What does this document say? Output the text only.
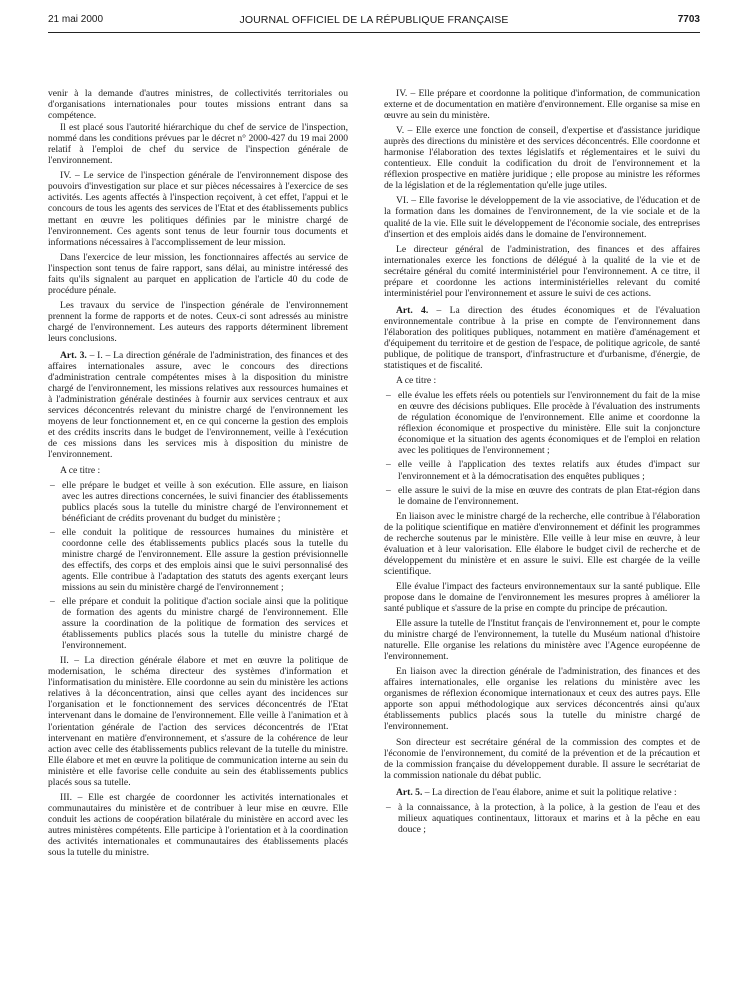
21 mai 2000	JOURNAL OFFICIEL DE LA RÉPUBLIQUE FRANÇAISE	7703

venir à la demande d'autres ministres, de collectivités territoriales ou d'organisations internationales pour toutes missions entrant dans sa compétence.

Il est placé sous l'autorité hiérarchique du chef de service de l'inspection, nommé dans les conditions prévues par le décret n° 2000-427 du 19 mai 2000 relatif à l'emploi de chef du service de l'inspection générale de l'environnement.

IV. – Le service de l'inspection générale de l'environnement dispose des pouvoirs d'investigation sur place et sur pièces nécessaires à l'exercice de ses activités. Les agents affectés à l'inspection reçoivent, à cet effet, l'appui et le concours de tous les agents des services de l'Etat et des établissements publics mettant en œuvre les politiques définies par le ministre chargé de l'environnement. Ces agents sont tenus de leur fournir tous documents et informations nécessaires à l'accomplissement de leur mission.

Dans l'exercice de leur mission, les fonctionnaires affectés au service de l'inspection sont tenus de faire rapport, sans délai, au ministre intéressé des faits qu'ils signalent au parquet en application de l'article 40 du code de procédure pénale.

Les travaux du service de l'inspection générale de l'environnement prennent la forme de rapports et de notes. Ceux-ci sont adressés au ministre chargé de l'environnement. Les auteurs des rapports déterminent librement leurs conclusions.

Art. 3. – I. – La direction générale de l'administration, des finances et des affaires internationales assure, avec le concours des directions d'administration centrale compétentes mises à la disposition du ministre chargé de l'environnement, les missions relatives aux ressources humaines et à l'administration générale destinées à fournir aux services centraux et aux services déconcentrés relevant du ministre chargé de l'environnement les moyens de leur fonctionnement et, en ce qui concerne la gestion des emplois et des crédits inscrits dans le budget de l'environnement, veille à l'exécution de ces missions dans les services mis à disposition du ministre de l'environnement.

A ce titre :

– elle prépare le budget et veille à son exécution. Elle assure, en liaison avec les autres directions concernées, le suivi financier des établissements publics placés sous la tutelle du ministre chargé de l'environnement et bénéficiant de crédits provenant du budget du ministère ;
– elle conduit la politique de ressources humaines du ministère et coordonne celle des établissements publics placés sous la tutelle du ministre chargé de l'environnement. Elle assure la gestion prévisionnelle des effectifs, des corps et des emplois ainsi que le suivi personnalisé des agents. Elle contribue à l'adaptation des statuts des agents exerçant leurs missions au sein du ministère chargé de l'environnement ;
– elle prépare et conduit la politique d'action sociale ainsi que la politique de formation des agents du ministre chargé de l'environnement. Elle assure la coordination de la politique de formation des services et établissements publics placés sous la tutelle du ministre chargé de l'environnement.

II. – La direction générale élabore et met en œuvre la politique de modernisation, le schéma directeur des systèmes d'information et l'informatisation du ministère. Elle coordonne au sein du ministère les actions relatives à la déconcentration, ainsi que celles ayant des incidences sur l'organisation et le fonctionnement des services déconcentrés de l'Etat intervenant dans le domaine de l'environnement. Elle veille à l'animation et à l'orientation générale de l'action des services déconcentrés de l'Etat intervenant en matière d'environnement, et s'assure de la cohérence de leur action avec celle des établissements publics relevant de la tutelle du ministre. Elle élabore et met en œuvre la politique de communication interne au sein du ministère et elle favorise celle conduite au sein des établissements publics placés sous sa tutelle.

III. – Elle est chargée de coordonner les activités internationales et communautaires du ministère et de contribuer à leur mise en œuvre. Elle conduit les actions de coopération bilatérale du ministère en accord avec les autres ministères compétents. Elle participe à l'orientation et à la coordination des activités internationales et communautaires des établissements placés sous la tutelle du ministre.

IV. – Elle prépare et coordonne la politique d'information, de communication externe et de documentation en matière d'environnement. Elle organise sa mise en œuvre au sein du ministère.

V. – Elle exerce une fonction de conseil, d'expertise et d'assistance juridique auprès des directions du ministère et des services déconcentrés. Elle coordonne et harmonise l'élaboration des textes législatifs et réglementaires et le suivi du contentieux. Elle conduit la codification du droit de l'environnement et la réflexion prospective en matière juridique ; elle propose au ministre les réformes de la législation et de la réglementation qu'elle juge utiles.

VI. – Elle favorise le développement de la vie associative, de l'éducation et de la formation dans les domaines de l'environnement, de la vie sociale et de la qualité de la vie. Elle suit le développement de l'économie sociale, des entreprises d'insertion et des emplois aidés dans le domaine de l'environnement.

Le directeur général de l'administration, des finances et des affaires internationales exerce les fonctions de délégué à la qualité de la vie et de secrétaire général du comité interministériel pour l'environnement. A ce titre, il prépare et coordonne les actions interministérielles relevant du comité interministériel pour l'environnement et assure le suivi de ces actions.

Art. 4. – La direction des études économiques et de l'évaluation environnementale contribue à la prise en compte de l'environnement dans l'élaboration des politiques publiques, notamment en matière d'aménagement et d'équipement du territoire et de gestion de l'espace, de politique agricole, de santé publique, de politique de transport, d'infrastructure et d'urbanisme, d'énergie, de statistiques et de fiscalité.

A ce titre :

– elle évalue les effets réels ou potentiels sur l'environnement du fait de la mise en œuvre des décisions publiques. Elle procède à l'évaluation des instruments de régulation économique de l'environnement. Elle anime et coordonne la réflexion économique et prospective du ministère. Elle suit la conjoncture économique et la situation des agents économiques et de l'emploi en relation avec les politiques de l'environnement ;
– elle veille à l'application des textes relatifs aux études d'impact sur l'environnement et à la démocratisation des enquêtes publiques ;
– elle assure le suivi de la mise en œuvre des contrats de plan Etat-région dans le domaine de l'environnement.

En liaison avec le ministre chargé de la recherche, elle contribue à l'élaboration de la politique scientifique en matière d'environnement et définit les programmes de recherche soutenus par le ministère. Elle veille à leur mise en œuvre, à leur évaluation et à leur valorisation. Elle élabore le budget civil de recherche et de développement du ministère et en assure le suivi. Elle est chargée de la veille scientifique.

Elle évalue l'impact des facteurs environnementaux sur la santé publique. Elle propose dans le domaine de l'environnement les mesures propres à améliorer la santé publique et s'assure de la prise en compte du principe de précaution.

Elle assure la tutelle de l'Institut français de l'environnement et, pour le compte du ministre chargé de l'environnement, la tutelle du Muséum national d'histoire naturelle. Elle organise les relations du ministère avec l'Agence européenne de l'environnement.

En liaison avec la direction générale de l'administration, des finances et des affaires internationales, elle organise les relations du ministère avec les organismes de réflexion économique internationaux et ceux des autres pays. Elle apporte son appui méthodologique aux services déconcentrés ainsi qu'aux établissements publics placés sous la tutelle du ministre chargé de l'environnement.

Son directeur est secrétaire général de la commission des comptes et de l'économie de l'environnement, du comité de la prévention et de la précaution et de la commission française du développement durable. Il assure le secrétariat de la commission nationale du débat public.

Art. 5. – La direction de l'eau élabore, anime et suit la politique relative :

– à la connaissance, à la protection, à la police, à la gestion de l'eau et des milieux aquatiques continentaux, littoraux et marins et à la pêche en eau douce ;
